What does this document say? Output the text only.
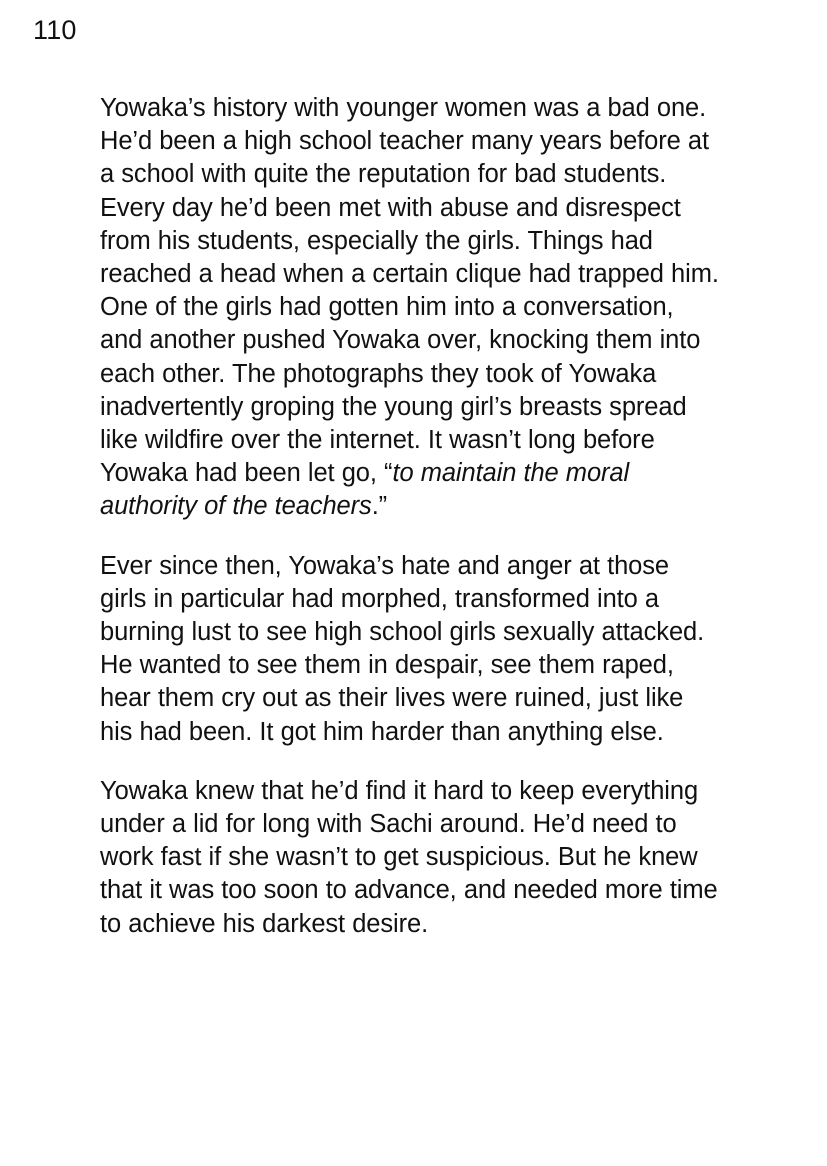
110

Yowaka’s history with younger women was a bad one. He’d been a high school teacher many years before at a school with quite the reputation for bad students. Every day he’d been met with abuse and disrespect from his students, especially the girls. Things had reached a head when a certain clique had trapped him. One of the girls had gotten him into a conversation, and another pushed Yowaka over, knocking them into each other. The photographs they took of Yowaka inadvertently groping the young girl’s breasts spread like wildfire over the internet. It wasn’t long before Yowaka had been let go, “to maintain the moral authority of the teachers.”

Ever since then, Yowaka’s hate and anger at those girls in particular had morphed, transformed into a burning lust to see high school girls sexually attacked. He wanted to see them in despair, see them raped, hear them cry out as their lives were ruined, just like his had been. It got him harder than anything else.

Yowaka knew that he’d find it hard to keep everything under a lid for long with Sachi around. He’d need to work fast if she wasn’t to get suspicious. But he knew that it was too soon to advance, and needed more time to achieve his darkest desire.
